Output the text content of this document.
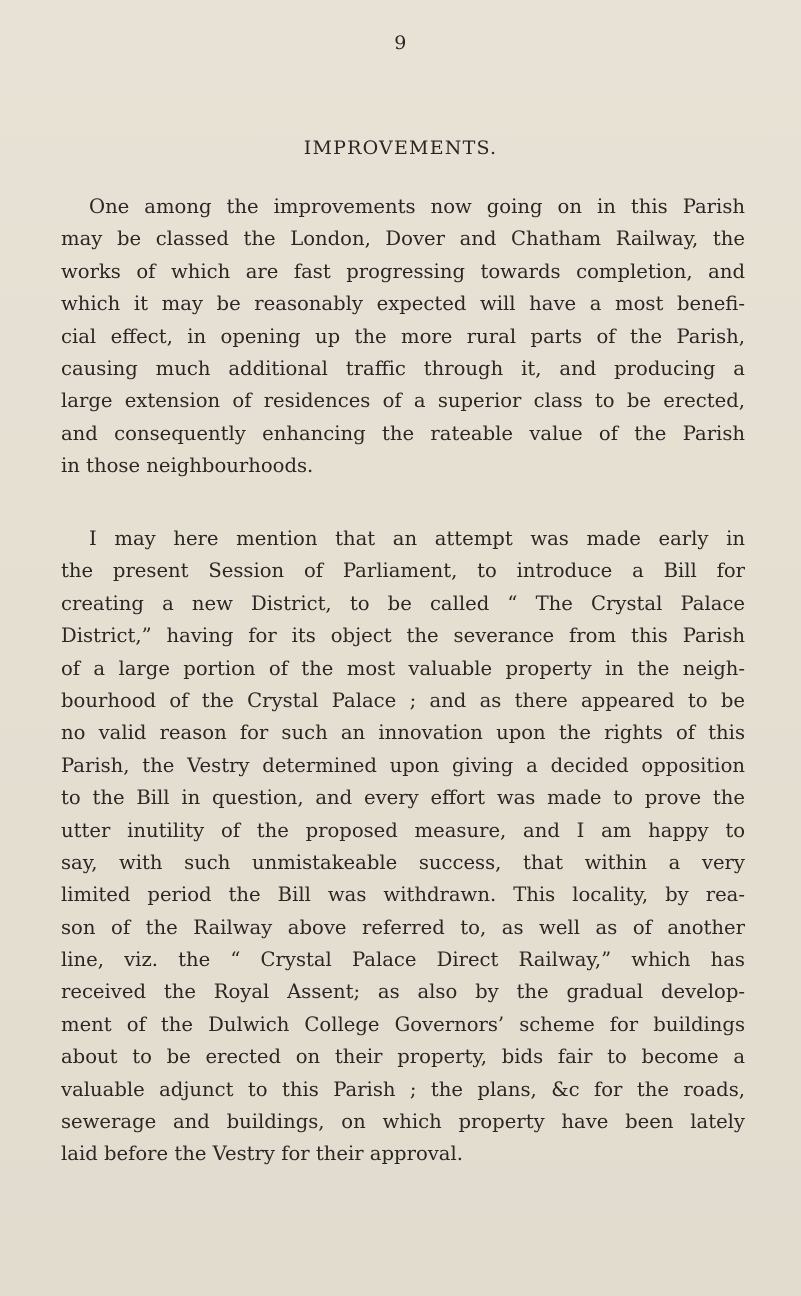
9
IMPROVEMENTS.
One among the improvements now going on in this Parish
may be classed the London, Dover and Chatham Railway, the
works of which are fast progressing towards completion, and
which it may be reasonably expected will have a most benefi-
cial effect, in opening up the more rural parts of the Parish,
causing much additional traffic through it, and producing a
large extension of residences of a superior class to be erected,
and consequently enhancing the rateable value of the Parish
in those neighbourhoods.
I may here mention that an attempt was made early in
the present Session of Parliament, to introduce a Bill for
creating a new District, to be called “ The Crystal Palace
District,” having for its object the severance from this Parish
of a large portion of the most valuable property in the neigh-
bourhood of the Crystal Palace ; and as there appeared to be
no valid reason for such an innovation upon the rights of this
Parish, the Vestry determined upon giving a decided opposition
to the Bill in question, and every effort was made to prove the
utter inutility of the proposed measure, and I am happy to
say, with such unmistakeable success, that within a very
limited period the Bill was withdrawn. This locality, by rea-
son of the Railway above referred to, as well as of another
line, viz. the “ Crystal Palace Direct Railway,” which has
received the Royal Assent; as also by the gradual develop-
ment of the Dulwich College Governors’ scheme for buildings
about to be erected on their property, bids fair to become a
valuable adjunct to this Parish ; the plans, &c for the roads,
sewerage and buildings, on which property have been lately
laid before the Vestry for their approval.
